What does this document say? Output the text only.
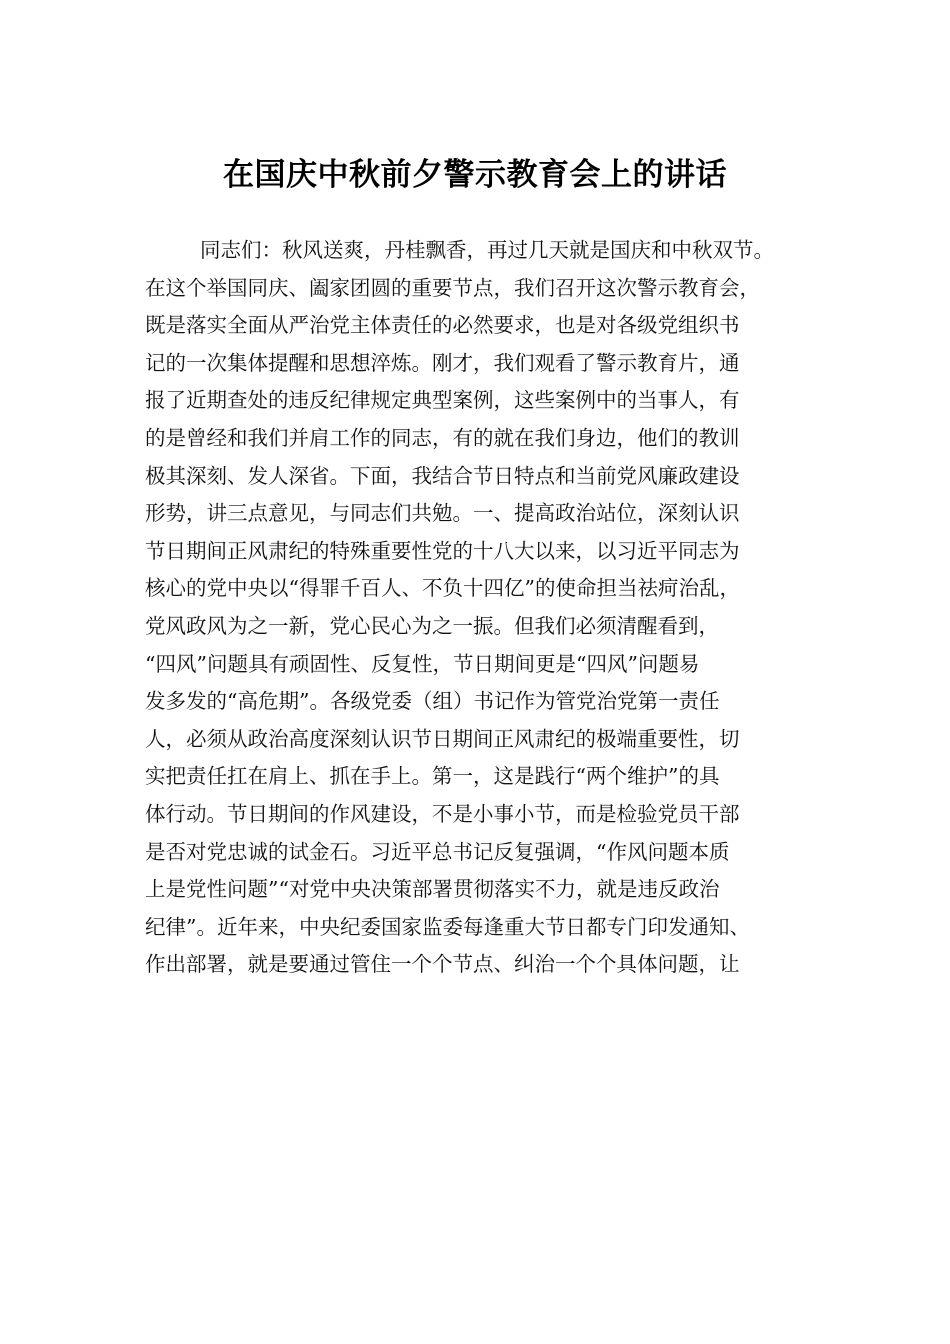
在国庆中秋前夕警示教育会上的讲话
同志们：秋风送爽，丹桂飘香，再过几天就是国庆和中秋双节。
在这个举国同庆、阖家团圆的重要节点，我们召开这次警示教育会，
既是落实全面从严治党主体责任的必然要求，也是对各级党组织书
记的一次集体提醒和思想淬炼。刚才，我们观看了警示教育片，通
报了近期查处的违反纪律规定典型案例，这些案例中的当事人，有
的是曾经和我们并肩工作的同志，有的就在我们身边，他们的教训
极其深刻、发人深省。下面，我结合节日特点和当前党风廉政建设
形势，讲三点意见，与同志们共勉。一、提高政治站位，深刻认识
节日期间正风肃纪的特殊重要性党的十八大以来，以习近平同志为
核心的党中央以“得罪千百人、不负十四亿”的使命担当祛疴治乱，
党风政风为之一新，党心民心为之一振。但我们必须清醒看到，
“四风”问题具有顽固性、反复性，节日期间更是“四风”问题易
发多发的“高危期”。各级党委（组）书记作为管党治党第一责任
人，必须从政治高度深刻认识节日期间正风肃纪的极端重要性，切
实把责任扛在肩上、抓在手上。第一，这是践行“两个维护”的具
体行动。节日期间的作风建设，不是小事小节，而是检验党员干部
是否对党忠诚的试金石。习近平总书记反复强调，“作风问题本质
上是党性问题”“对党中央决策部署贯彻落实不力，就是违反政治
纪律”。近年来，中央纪委国家监委每逢重大节日都专门印发通知、
作出部署，就是要通过管住一个个节点、纠治一个个具体问题，让
